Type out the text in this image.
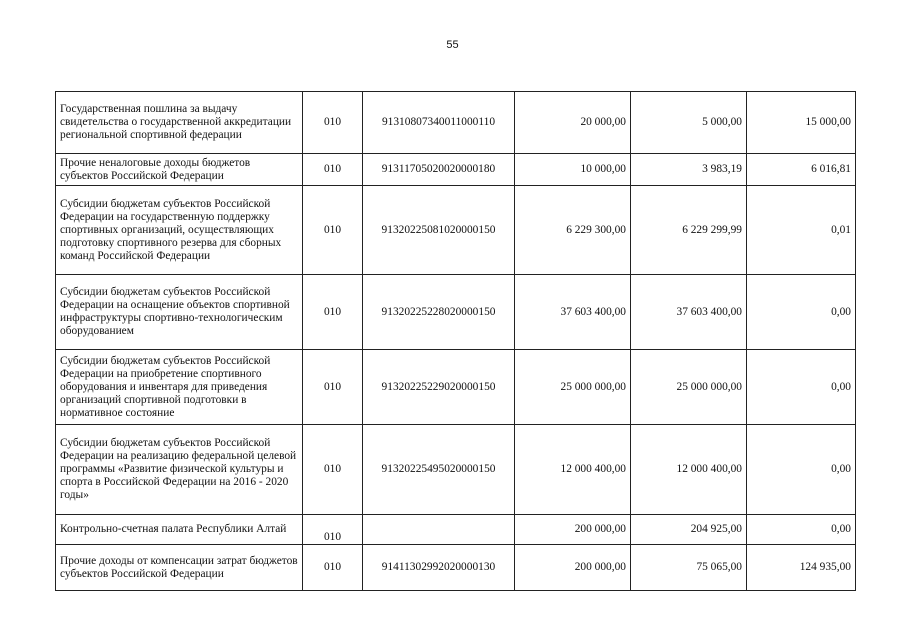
55
Государственная пошлина за выдачу свидетельства о государственной аккредитации региональной спортивной федерации	010	91310807340011000110	20 000,00	5 000,00	15 000,00
Прочие неналоговые доходы бюджетов субъектов Российской Федерации	010	91311705020020000180	10 000,00	3 983,19	6 016,81
Субсидии бюджетам субъектов Российской Федерации на государственную поддержку спортивных организаций, осуществляющих подготовку спортивного резерва для сборных команд Российской Федерации	010	91320225081020000150	6 229 300,00	6 229 299,99	0,01
Субсидии бюджетам субъектов Российской Федерации на оснащение объектов спортивной инфраструктуры спортивно-технологическим оборудованием	010	91320225228020000150	37 603 400,00	37 603 400,00	0,00
Субсидии бюджетам субъектов Российской Федерации на приобретение спортивного оборудования и инвентаря для приведения организаций спортивной подготовки в нормативное состояние	010	91320225229020000150	25 000 000,00	25 000 000,00	0,00
Субсидии бюджетам субъектов Российской Федерации на реализацию федеральной целевой программы «Развитие физической культуры и спорта в Российской Федерации на 2016 - 2020 годы»	010	91320225495020000150	12 000 400,00	12 000 400,00	0,00
Контрольно-счетная палата Республики Алтай	010		200 000,00	204 925,00	0,00
Прочие доходы от компенсации затрат бюджетов субъектов Российской Федерации	010	91411302992020000130	200 000,00	75 065,00	124 935,00
